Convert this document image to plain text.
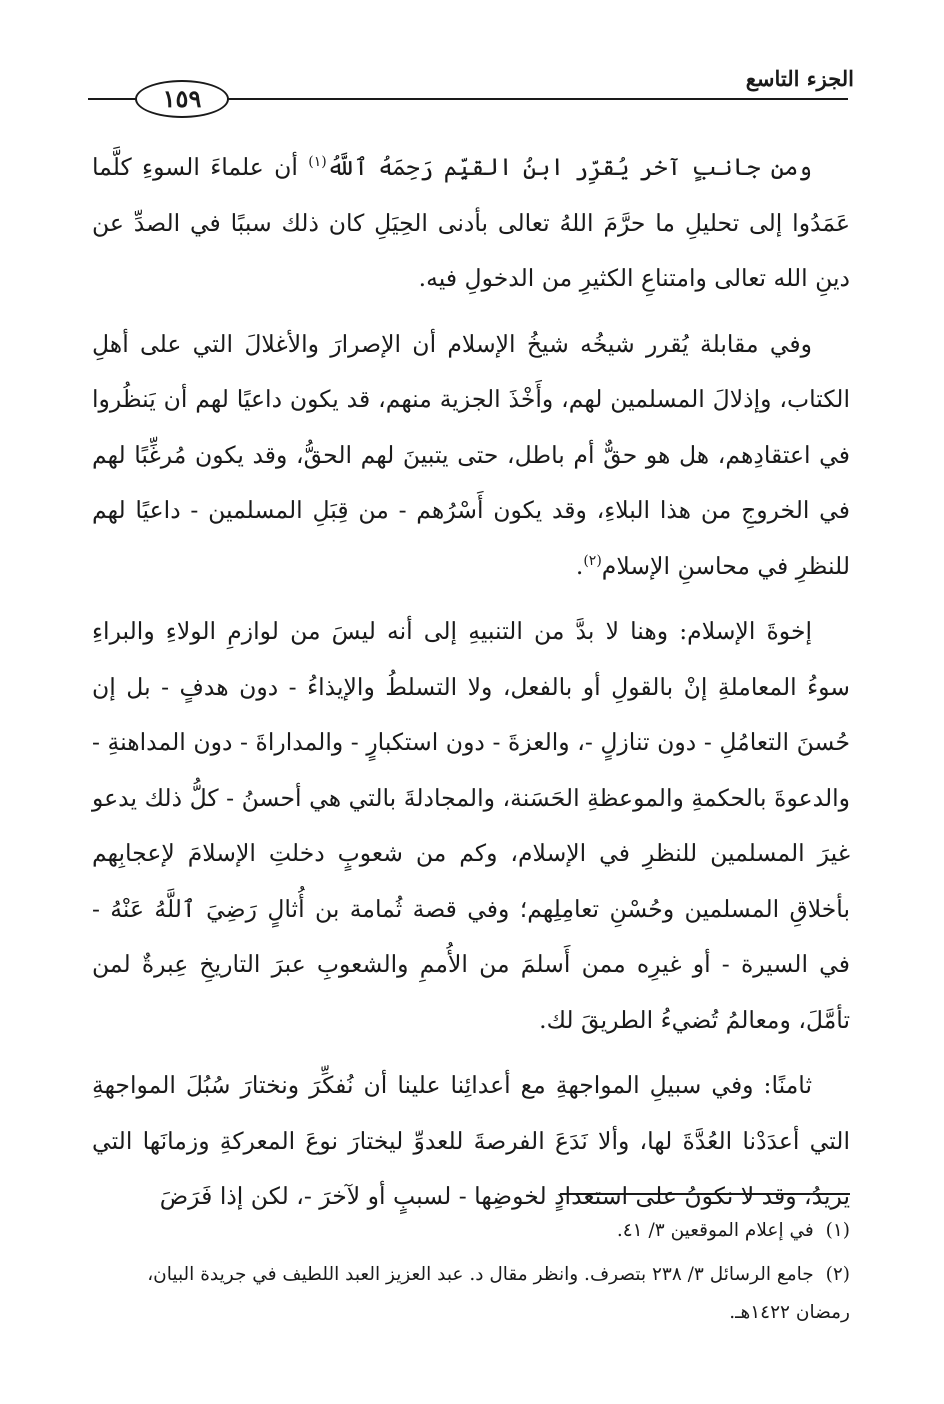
الجزء التاسع
١٥٩

ومن جانبٍ آخر يُقرِّر ابنُ القيِّم رَحِمَهُ ٱللَّهُ$^{(١)}$ أن علماءَ السوءِ كلَّما عَمَدُوا إلى تحليلِ ما حرَّمَ اللهُ تعالى بأدنى الحِيَلِ كان ذلك سببًا في الصدِّ عن دينِ الله تعالى وامتناعِ الكثيرِ من الدخولِ فيه.

وفي مقابلة يُقرر شيخُه شيخُ الإسلام أن الإصرارَ والأغلالَ التي على أهلِ الكتاب، وإذلالَ المسلمين لهم، وأَخْذَ الجزية منهم، قد يكون داعيًا لهم أن يَنظُروا في اعتقادِهم، هل هو حقٌّ أم باطل، حتى يتبينَ لهم الحقُّ، وقد يكون مُرغِّبًا لهم في الخروجِ من هذا البلاءِ، وقد يكون أَسْرُهم - من قِبَلِ المسلمين - داعيًا لهم للنظرِ في محاسنِ الإسلام$^{(٢)}$.

إخوةَ الإسلام: وهنا لا بدَّ من التنبيهِ إلى أنه ليسَ من لوازمِ الولاءِ والبراءِ سوءُ المعاملةِ إنْ بالقولِ أو بالفعل، ولا التسلطُ والإيذاءُ - دون هدفٍ - بل إن حُسنَ التعامُلِ - دون تنازلٍ -، والعزةَ - دون استكبارٍ - والمداراةَ - دون المداهنةِ - والدعوةَ بالحكمةِ والموعظةِ الحَسَنة، والمجادلةَ بالتي هي أحسنُ - كلُّ ذلك يدعو غيرَ المسلمين للنظرِ في الإسلام، وكم من شعوبٍ دخلتِ الإسلامَ لإعجابِهم بأخلاقِ المسلمين وحُسْنِ تعامِلِهم؛ وفي قصة ثُمامة بن أُثالٍ رَضِيَ ٱللَّهُ عَنْهُ - في السيرة - أو غيرِه ممن أَسلمَ من الأُممِ والشعوبِ عبرَ التاريخِ عِبرةٌ لمن تأمَّلَ، ومعالمُ تُضيءُ الطريقَ لك.

ثامنًا: وفي سبيلِ المواجهةِ مع أعدائِنا علينا أن نُفكِّرَ ونختارَ سُبُلَ المواجهةِ التي أعدَدْنا العُدَّةَ لها، وألا نَدَعَ الفرصةَ للعدوِّ ليختارَ نوعَ المعركةِ وزمانَها التي يريدُ، وقد لا نكونُ على استعدادٍ لخوضِها - لسببٍ أو لآخرَ -، لكن إذا فَرَضَ

(١) في إعلام الموقعين ٣/ ٤١.

(٢) جامع الرسائل ٣/ ٢٣٨ بتصرف. وانظر مقال د. عبد العزيز العبد اللطيف في جريدة البيان، رمضان ١٤٢٢هـ.
